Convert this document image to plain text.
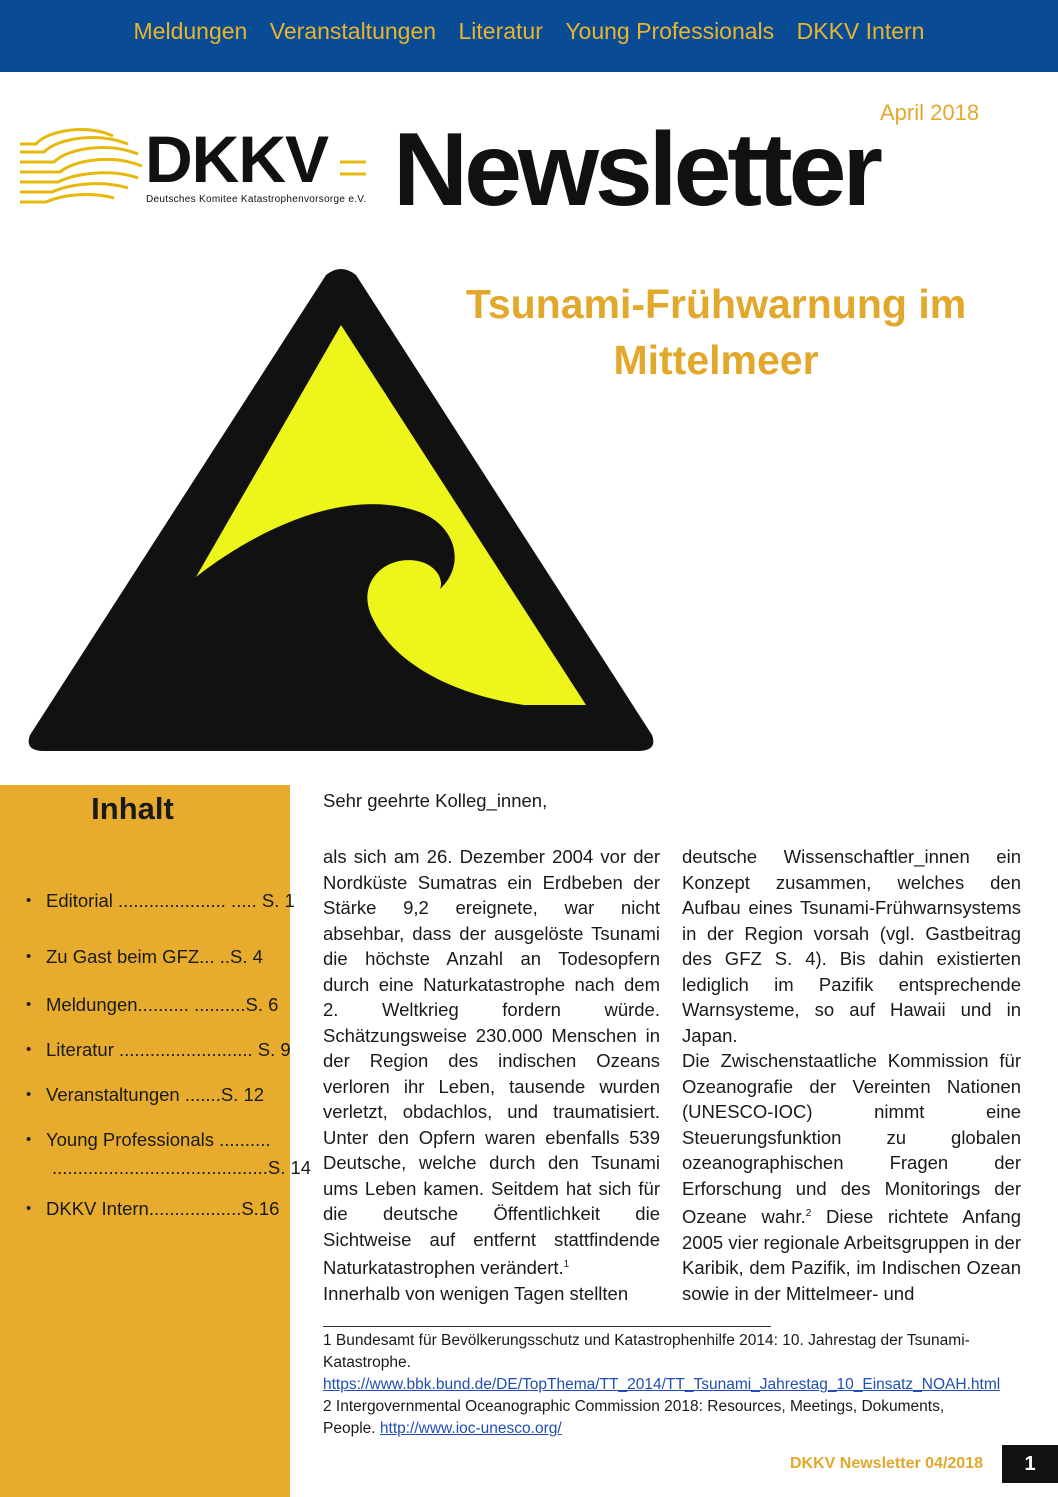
Meldungen Veranstaltungen Literatur Young Professionals DKKV Intern
April 2018
DKKV
Deutsches Komitee Katastrophenvorsorge e.V. Newsletter
Tsunami-Frühwarnung im
Mittelmeer
Inhalt
• Editorial ..................... ..... S. 1
• Zu Gast beim GFZ... ..S. 4
• Meldungen.......... ..........S. 6
• Literatur .......................... S. 9
• Veranstaltungen .......S. 12
• Young Professionals ..........
..........................................S. 14
• DKKV Intern..................S.16
Sehr geehrte Kolleg_innen,

als sich am 26. Dezember 2004 vor der Nordküste Sumatras ein Erdbeben der Stärke 9,2 ereignete, war nicht absehbar, dass der ausgelöste Tsunami die höchste Anzahl an Todesopfern durch eine Naturkatastrophe nach dem 2. Weltkrieg fordern würde. Schätzungsweise 230.000 Menschen in der Region des indischen Ozeans verloren ihr Leben, tausende wurden verletzt, obdachlos, und traumatisiert. Unter den Opfern waren ebenfalls 539 Deutsche, welche durch den Tsunami ums Leben kamen. Seitdem hat sich für die deutsche Öffentlichkeit die Sichtweise auf entfernt stattfindende Naturkatastrophen verändert.$^1$

Innerhalb von wenigen Tagen stellten

deutsche Wissenschaftler_innen ein Konzept zusammen, welches den Aufbau eines Tsunami-Frühwarnsystems in der Region vorsah (vgl. Gastbeitrag des GFZ S. 4). Bis dahin existierten lediglich im Pazifik entsprechende Warnsysteme, so auf Hawaii und in Japan.

Die Zwischenstaatliche Kommission für Ozeanografie der Vereinten Nationen (UNESCO-IOC) nimmt eine Steuerungsfunktion zu globalen ozeanographischen Fragen der Erforschung und des Monitorings der Ozeane wahr.$^2$ Diese richtete Anfang 2005 vier regionale Arbeitsgruppen in der Karibik, dem Pazifik, im Indischen Ozean sowie in der Mittelmeer- und

1 Bundesamt für Bevölkerungsschutz und Katastrophenhilfe 2014: 10. Jahrestag der Tsunami-Katastrophe. https://www.bbk.bund.de/DE/TopThema/TT_2014/TT_Tsunami_Jahrestag_10_Einsatz_NOAH.html

2 Intergovernmental Oceanographic Commission 2018: Resources, Meetings, Dokuments, People. http://www.ioc-unesco.org/

DKKV Newsletter 04/2018	1
